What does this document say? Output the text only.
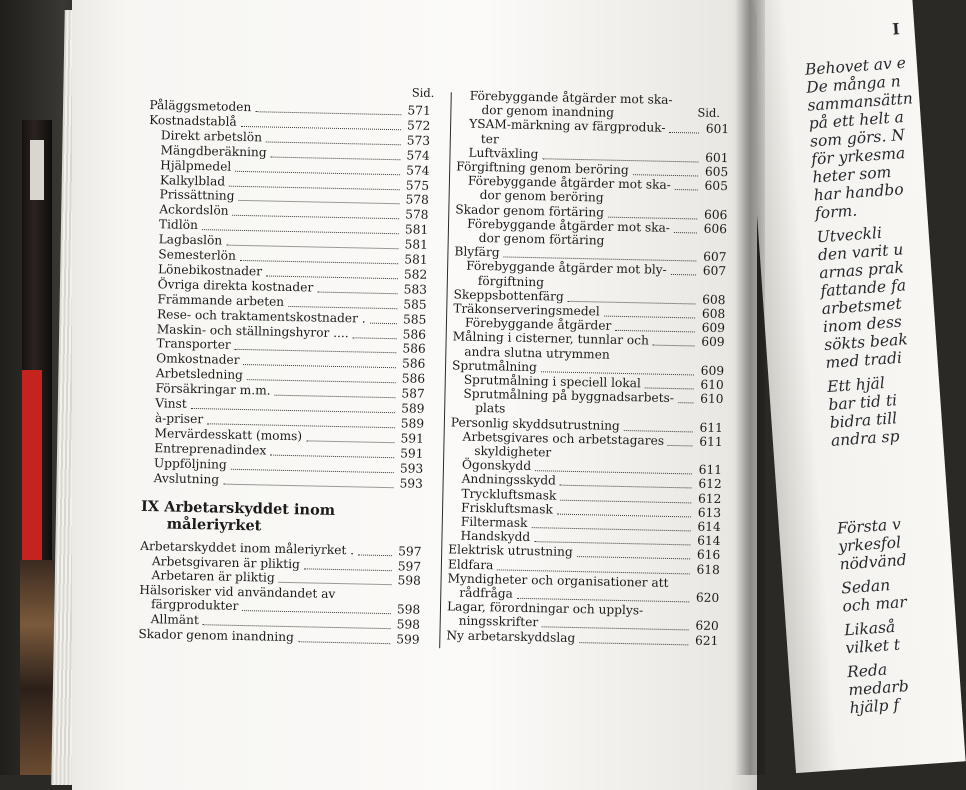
I
Behovet av e
De många n
sammansättn
på ett helt a
som görs. N
för yrkesma
heter som
har handbo
form.
Utveckli
den varit u
arnas prak
fattande fa
arbetsmet
inom dess
sökts beak
med tradi
Ett hjäl
bar tid ti
bidra till
andra sp
Första v
yrkesfol
nödvänd
Sedan
och mar
Likaså
vilket t
Reda
medarb
hjälp f
Sid.
Sid.
Påläggsmetoden	571
Kostnadstablå	572
Direkt arbetslön	573
Mängdberäkning	574
Hjälpmedel	574
Kalkylblad	575
Prissättning	578
Ackordslön	578
Tidlön	581
Lagbaslön	581
Semesterlön	581
Lönebikostnader	582
Övriga direkta kostnader	583
Främmande arbeten	585
Rese- och traktamentskostnader .	585
Maskin- och ställningshyror ....	586
Transporter	586
Omkostnader	586
Arbetsledning	586
Försäkringar m.m.	587
Vinst	589
à-priser	589
Mervärdesskatt (moms)	591
Entreprenadindex	591
Uppföljning	593
Avslutning	593
IX Arbetarskyddet inom
måleriyrket
Arbetarskyddet inom måleriyrket .	597
Arbetsgivaren är pliktig	597
Arbetaren är pliktig	598
Hälsorisker vid användandet av
färgprodukter	598
Allmänt	598
Skador genom inandning	599
Förebyggande åtgärder mot ska-
dor genom inandning
YSAM-märkning av färgproduk-	601
ter
Luftväxling	601
Förgiftning genom beröring	605
Förebyggande åtgärder mot ska-	605
dor genom beröring
Skador genom förtäring	606
Förebyggande åtgärder mot ska-	606
dor genom förtäring
Blyfärg	607
Förebyggande åtgärder mot bly-	607
förgiftning
Skeppsbottenfärg	608
Träkonserveringsmedel	608
Förebyggande åtgärder	609
Målning i cisterner, tunnlar och	609
andra slutna utrymmen
Sprutmålning	609
Sprutmålning i speciell lokal	610
Sprutmålning på byggnadsarbets- 610
plats
Personlig skyddsutrustning	611
Arbetsgivares och arbetstagares	611
skyldigheter
Ögonskydd	611
Andningsskydd	612
Tryckluftsmask	612
Friskluftsmask	613
Filtermask	614
Handskydd	614
Elektrisk utrustning	616
Eldfara	618
Myndigheter och organisationer att
rådfråga	620
Lagar, förordningar och upplys-
ningsskrifter	620
Ny arbetarskyddslag	621
